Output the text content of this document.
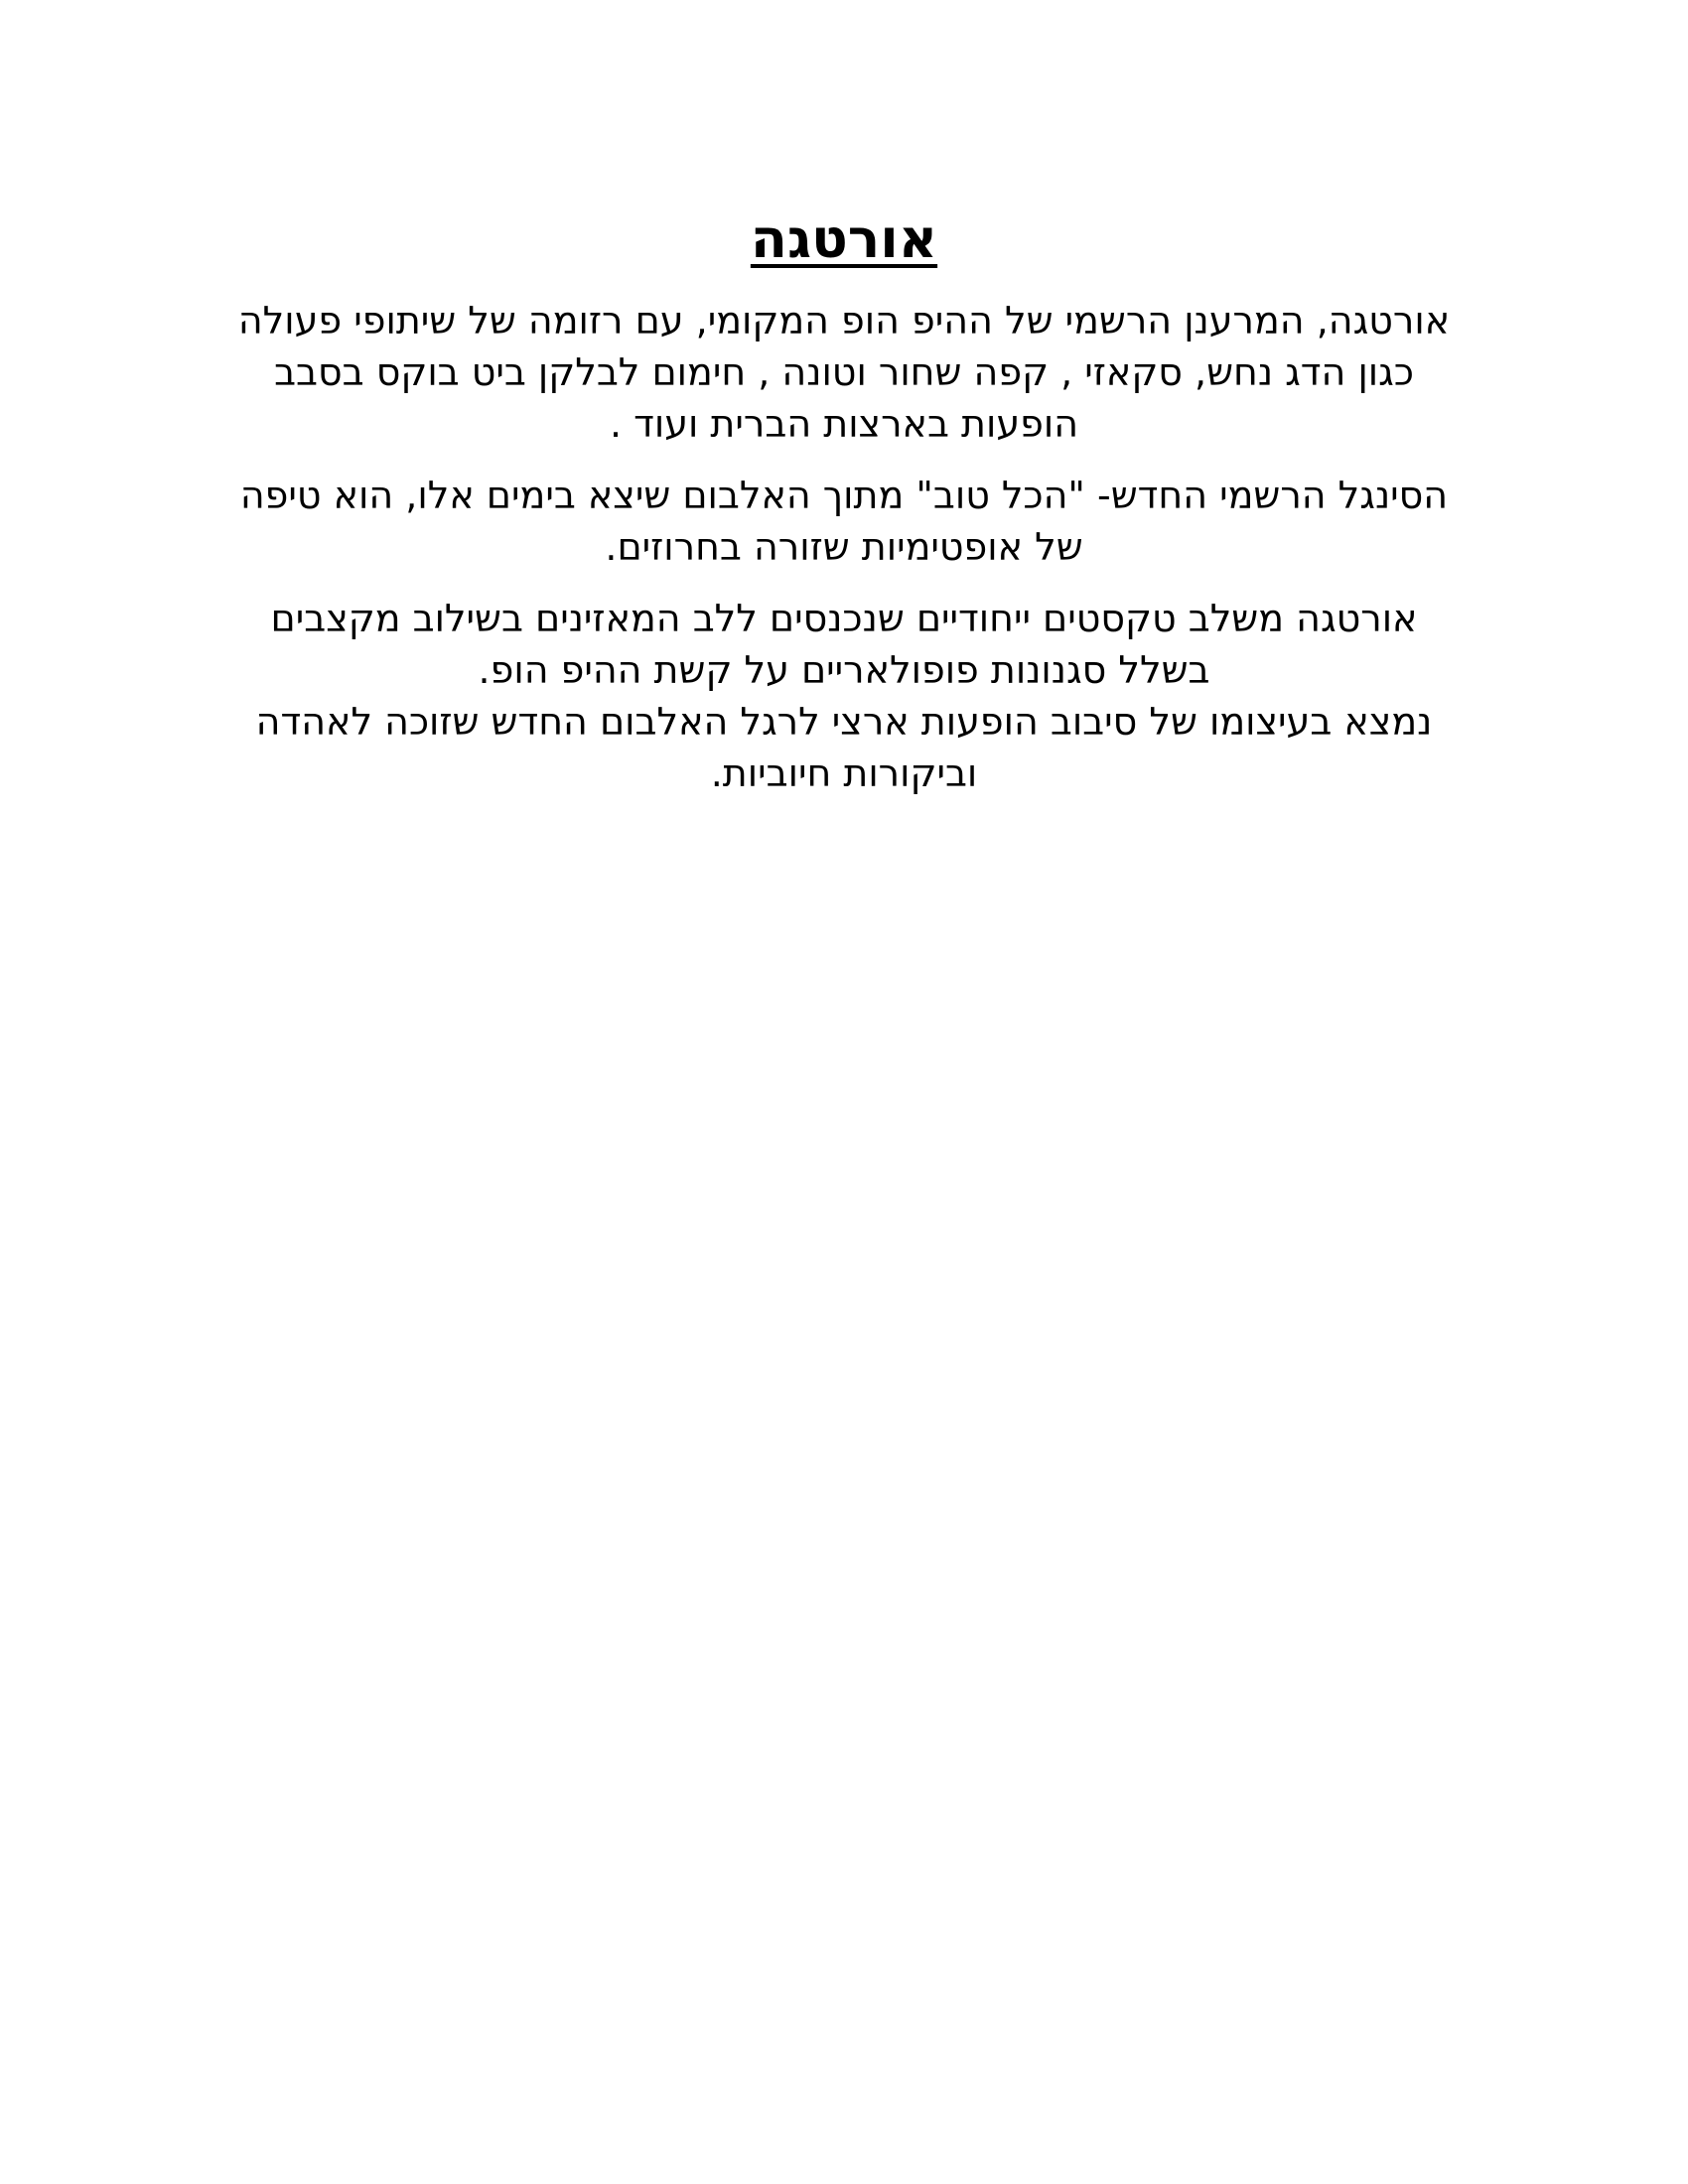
אורטגה
אורטגה, המרענן הרשמי של ההיפ הופ המקומי, עם רזומה של שיתופי פעולה
כגון הדג נחש, סקאזי , קפה שחור וטונה , חימום לבלקן ביט בוקס בסבב
הופעות בארצות הברית ועוד .
הסינגל הרשמי החדש- "הכל טוב" מתוך האלבום שיצא בימים אלו, הוא טיפה
של אופטימיות שזורה בחרוזים.
אורטגה משלב טקסטים ייחודיים שנכנסים ללב המאזינים בשילוב מקצבים
בשלל סגנונות פופולאריים על קשת ההיפ הופ.
נמצא בעיצומו של סיבוב הופעות ארצי לרגל האלבום החדש שזוכה לאהדה
וביקורות חיוביות.
